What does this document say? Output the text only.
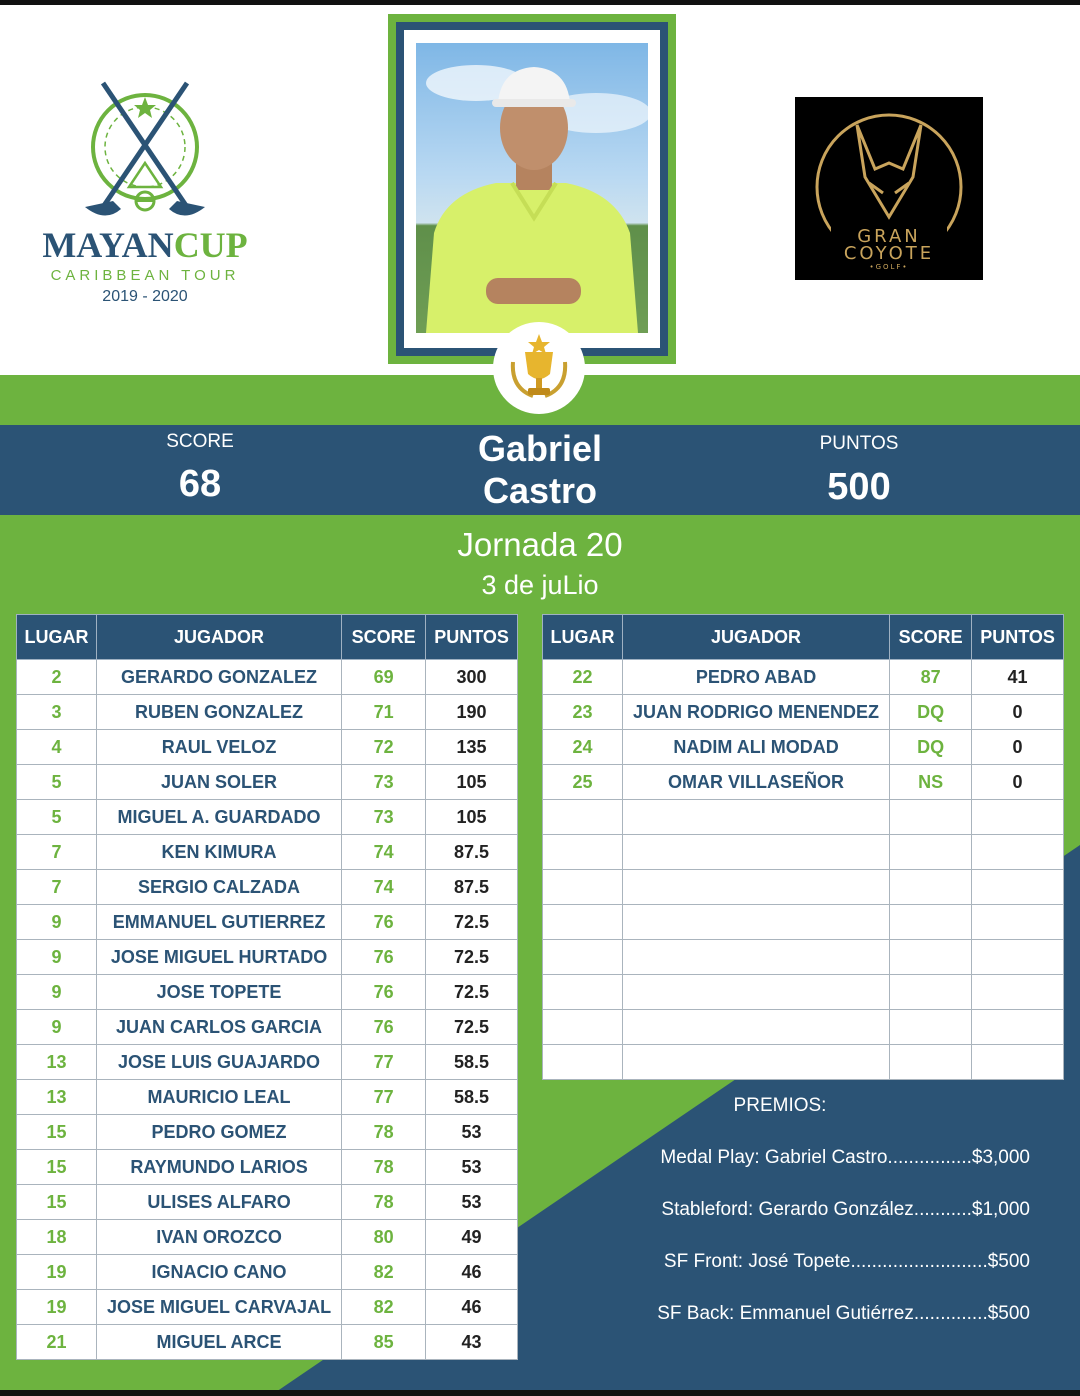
MAYANCUP
CARIBBEAN TOUR
2019 - 2020
GRAN
COYOTE
•GOLF•
SCORE
68
Gabriel
Castro
PUNTOS
500
Jornada 20
3 de juLio
LUGAR	JUGADOR	SCORE	PUNTOS
2	GERARDO GONZALEZ	69	300
3	RUBEN GONZALEZ	71	190
4	RAUL VELOZ	72	135
5	JUAN SOLER	73	105
5	MIGUEL A. GUARDADO	73	105
7	KEN KIMURA	74	87.5
7	SERGIO CALZADA	74	87.5
9	EMMANUEL GUTIERREZ	76	72.5
9	JOSE MIGUEL HURTADO	76	72.5
9	JOSE TOPETE	76	72.5
9	JUAN CARLOS GARCIA	76	72.5
13	JOSE LUIS GUAJARDO	77	58.5
13	MAURICIO LEAL	77	58.5
15	PEDRO GOMEZ	78	53
15	RAYMUNDO LARIOS	78	53
15	ULISES ALFARO	78	53
18	IVAN OROZCO	80	49
19	IGNACIO CANO	82	46
19	JOSE MIGUEL CARVAJAL	82	46
21	MIGUEL ARCE	85	43
LUGAR	JUGADOR	SCORE	PUNTOS
22	PEDRO ABAD	87	41
23	JUAN RODRIGO MENENDEZ	DQ	0
24	NADIM ALI MODAD	DQ	0
25	OMAR VILLASEÑOR	NS	0

PREMIOS:
Medal Play: Gabriel Castro................$3,000
Stableford: Gerardo González...........$1,000
SF Front: José Topete..........................$500
SF Back: Emmanuel Gutiérrez..............$500
